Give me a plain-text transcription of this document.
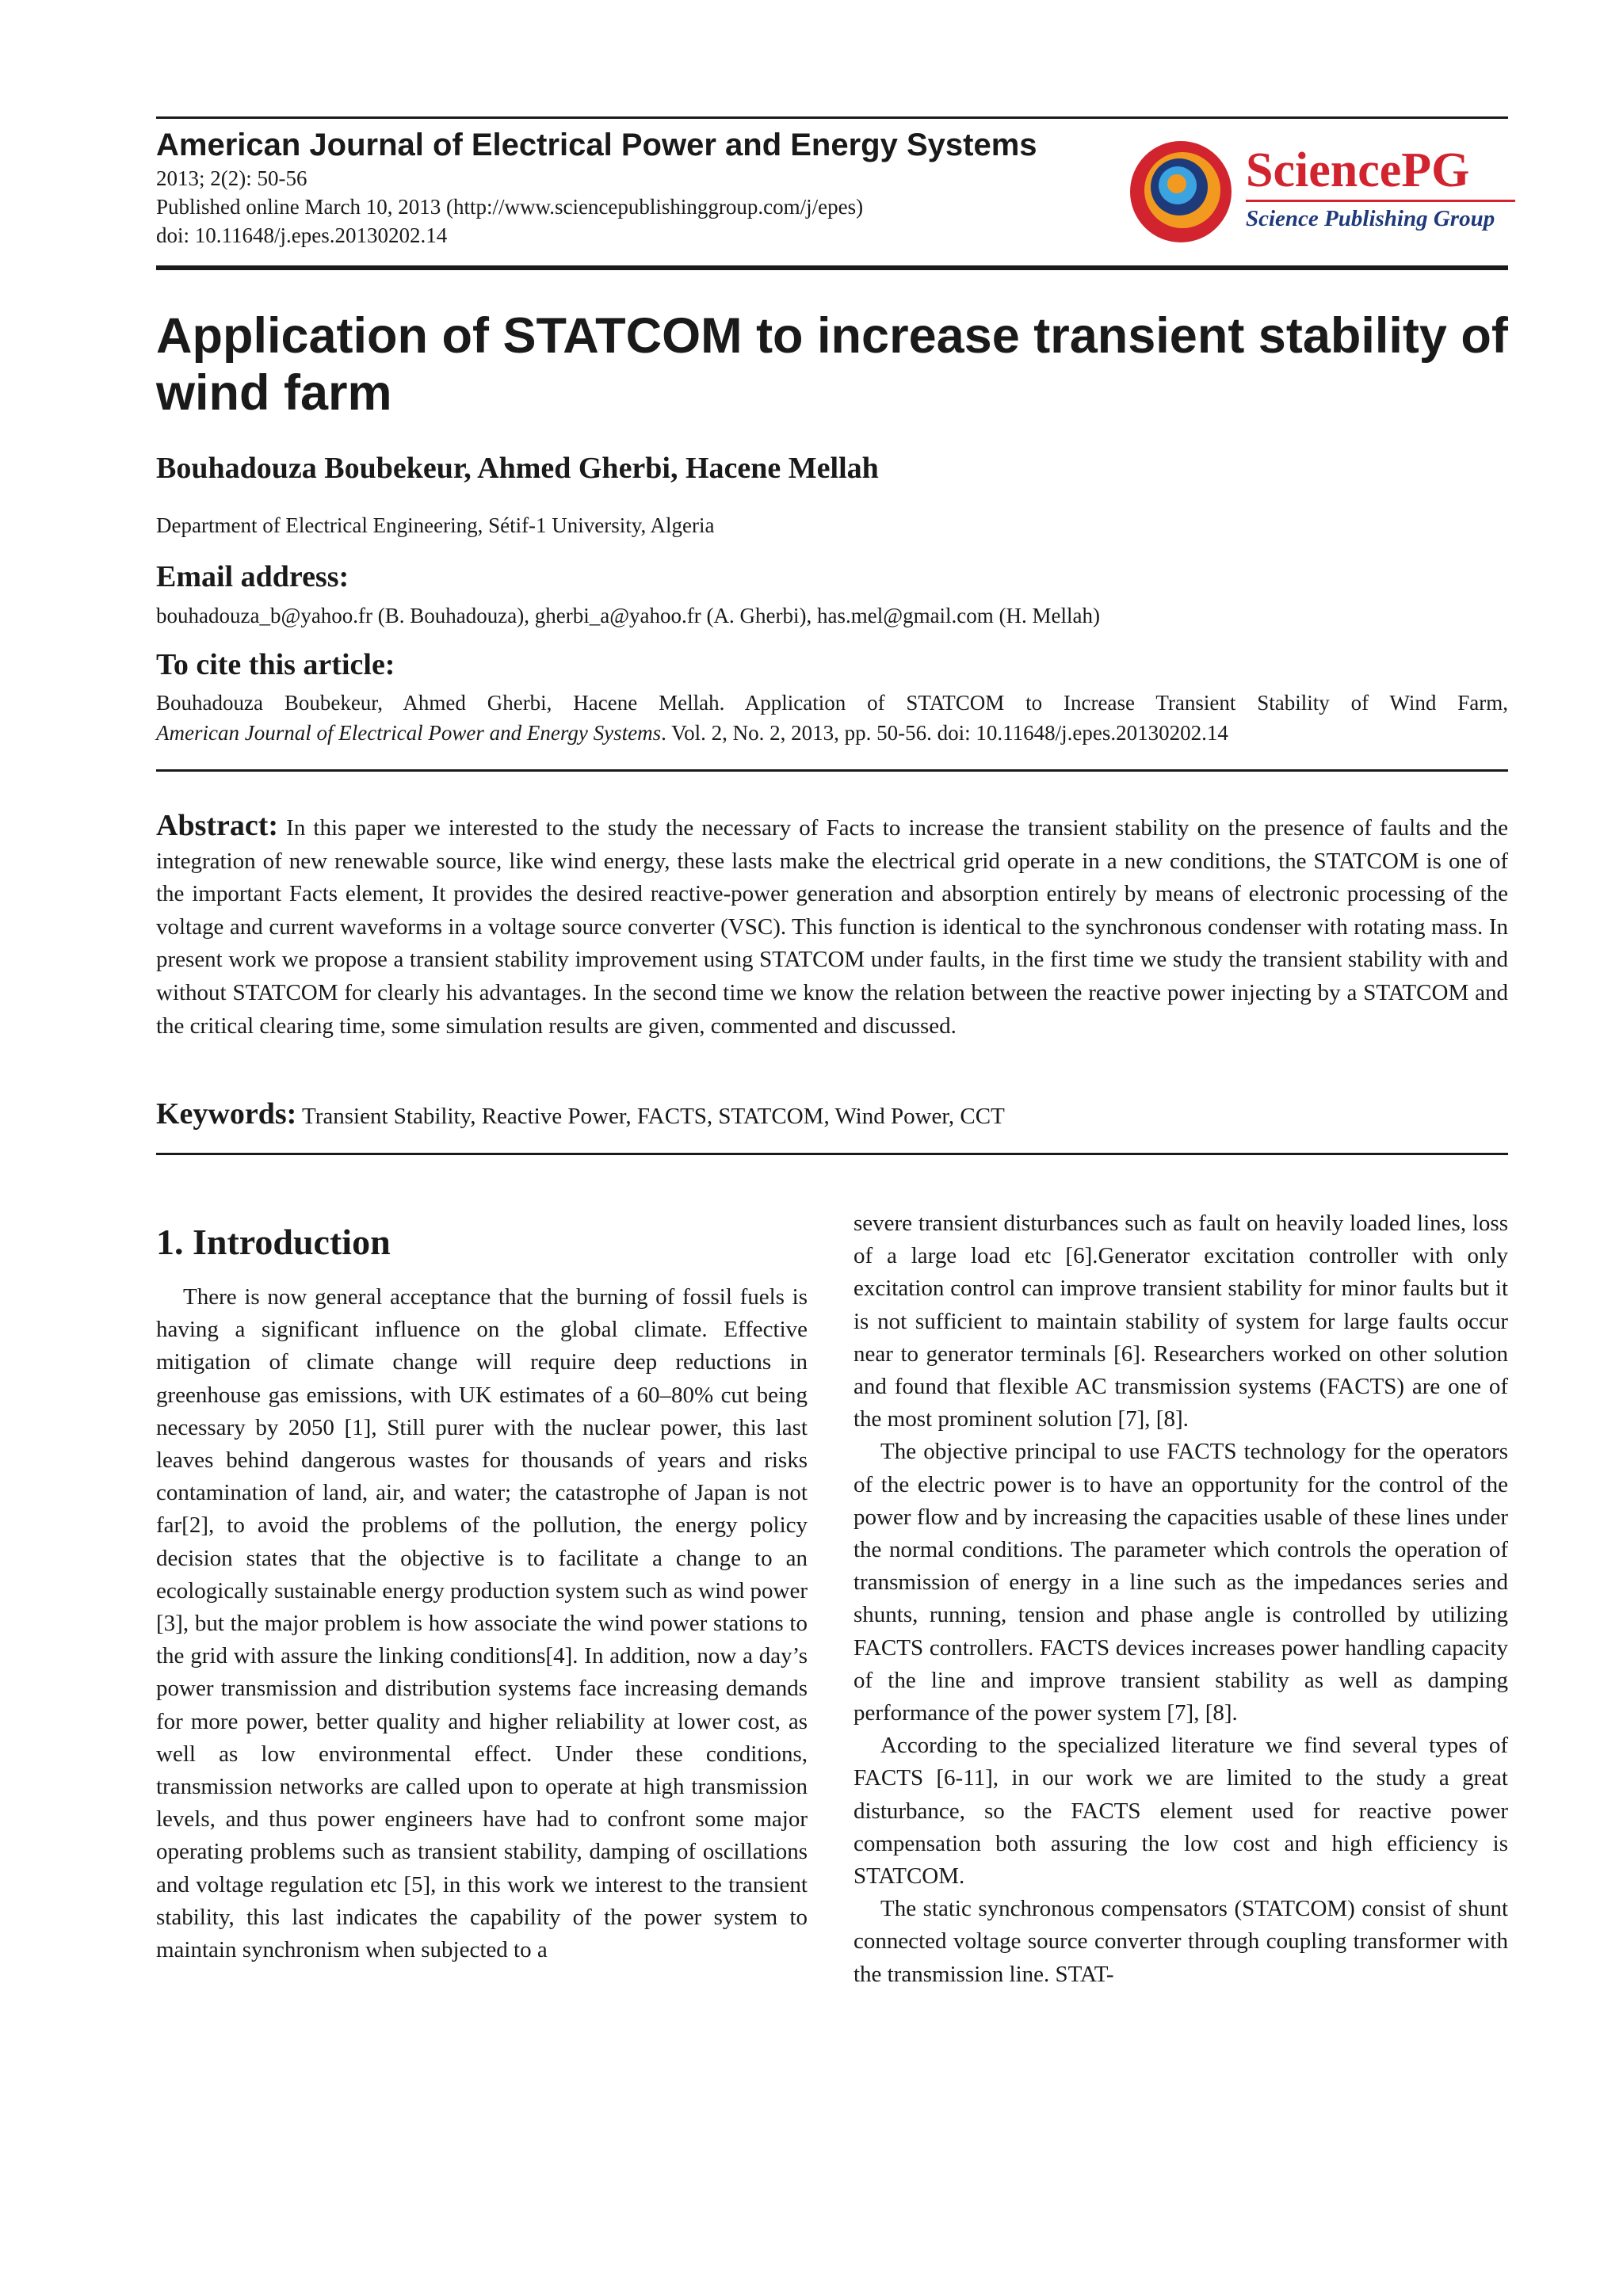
American Journal of Electrical Power and Energy Systems
2013; 2(2): 50-56
Published online March 10, 2013 (http://www.sciencepublishinggroup.com/j/epes)
doi: 10.11648/j.epes.20130202.14
SciencePG
Science Publishing Group
Application of STATCOM to increase transient stability of wind farm
Bouhadouza Boubekeur, Ahmed Gherbi, Hacene Mellah
Department of Electrical Engineering, Sétif-1 University, Algeria
Email address:
bouhadouza_b@yahoo.fr (B. Bouhadouza), gherbi_a@yahoo.fr (A. Gherbi), has.mel@gmail.com (H. Mellah)
To cite this article:
Bouhadouza Boubekeur, Ahmed Gherbi, Hacene Mellah. Application of STATCOM to Increase Transient Stability of Wind Farm,
American Journal of Electrical Power and Energy Systems. Vol. 2, No. 2, 2013, pp. 50-56. doi: 10.11648/j.epes.20130202.14

Abstract: In this paper we interested to the study the necessary of Facts to increase the transient stability on the presence of faults and the integration of new renewable source, like wind energy, these lasts make the electrical grid operate in a new conditions, the STATCOM is one of the important Facts element, It provides the desired reactive-power generation and absorption entirely by means of electronic processing of the voltage and current waveforms in a voltage source converter (VSC). This function is identical to the synchronous condenser with rotating mass. In present work we propose a transient stability improvement using STATCOM under faults, in the first time we study the transient stability with and without STATCOM for clearly his advantages. In the second time we know the relation between the reactive power injecting by a STATCOM and the critical clearing time, some simulation results are given, commented and discussed.

Keywords: Transient Stability, Reactive Power, FACTS, STATCOM, Wind Power, CCT

1. Introduction

There is now general acceptance that the burning of fossil fuels is having a significant influence on the global climate. Effective mitigation of climate change will require deep reductions in greenhouse gas emissions, with UK estimates of a 60–80% cut being necessary by 2050 [1], Still purer with the nuclear power, this last leaves behind dangerous wastes for thousands of years and risks contamination of land, air, and water; the catastrophe of Japan is not far[2], to avoid the problems of the pollution, the energy policy decision states that the objective is to facilitate a change to an ecologically sustainable energy production system such as wind power [3], but the major problem is how associate the wind power stations to the grid with assure the linking conditions[4]. In addition, now a day’s power transmission and distribution systems face increasing demands for more power, better quality and higher reliability at lower cost, as well as low environmental effect. Under these conditions, transmission networks are called upon to operate at high transmission levels, and thus power engineers have had to confront some major operating problems such as transient stability, damping of oscillations and voltage regulation etc [5], in this work we interest to the transient stability, this last indicates the capability of the power system to maintain synchronism when subjected to a

severe transient disturbances such as fault on heavily loaded lines, loss of a large load etc [6].Generator excitation controller with only excitation control can improve transient stability for minor faults but it is not sufficient to maintain stability of system for large faults occur near to generator terminals [6]. Researchers worked on other solution and found that flexible AC transmission systems (FACTS) are one of the most prominent solution [7], [8].

The objective principal to use FACTS technology for the operators of the electric power is to have an opportunity for the control of the power flow and by increasing the capacities usable of these lines under the normal conditions. The parameter which controls the operation of transmission of energy in a line such as the impedances series and shunts, running, tension and phase angle is controlled by utilizing FACTS controllers. FACTS devices increases power handling capacity of the line and improve transient stability as well as damping performance of the power system [7], [8].

According to the specialized literature we find several types of FACTS [6-11], in our work we are limited to the study a great disturbance, so the FACTS element used for reactive power compensation both assuring the low cost and high efficiency is STATCOM.

The static synchronous compensators (STATCOM) consist of shunt connected voltage source converter through coupling transformer with the transmission line. STAT-
